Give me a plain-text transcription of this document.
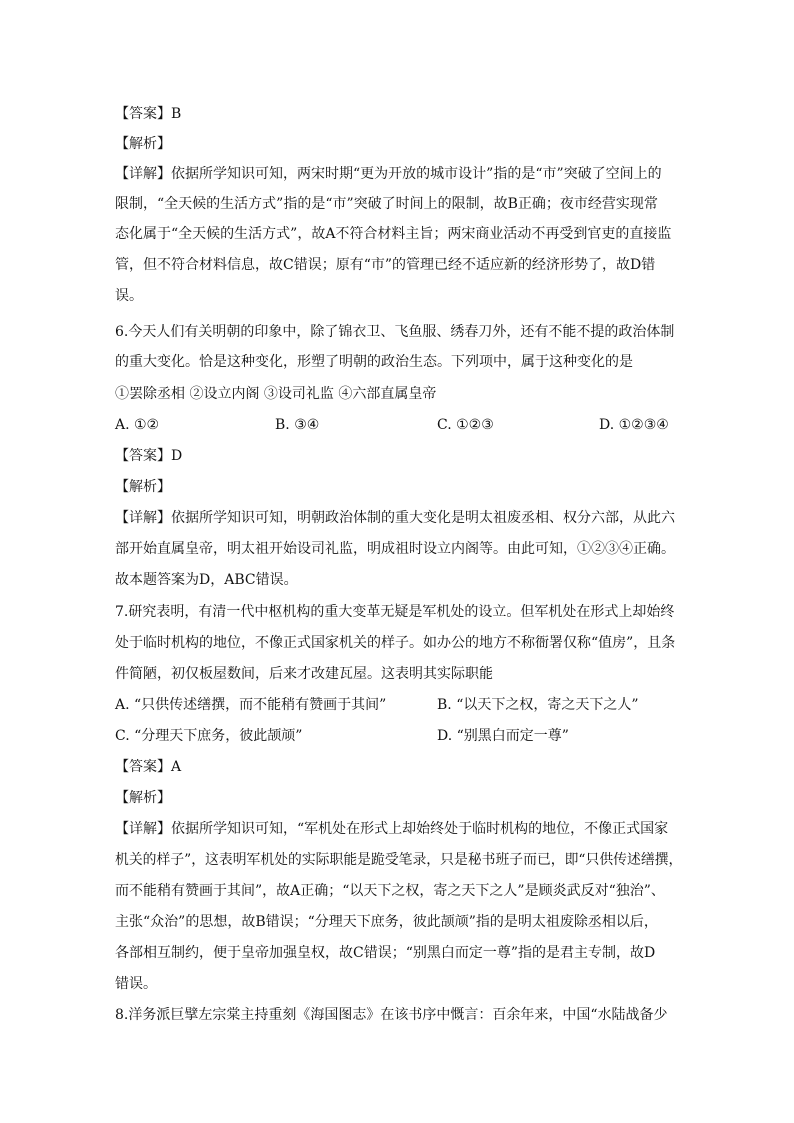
【答案】B
【解析】
【详解】依据所学知识可知，两宋时期“更为开放的城市设计”指的是“市”突破了空间上的
限制，“全天候的生活方式”指的是“市”突破了时间上的限制，故B正确；夜市经营实现常
态化属于“全天候的生活方式”，故A不符合材料主旨；两宋商业活动不再受到官吏的直接监
管，但不符合材料信息，故C错误；原有“市”的管理已经不适应新的经济形势了，故D错
误。
6.今天人们有关明朝的印象中，除了锦衣卫、飞鱼服、绣春刀外，还有不能不提的政治体制
的重大变化。恰是这种变化，形塑了明朝的政治生态。下列项中，属于这种变化的是
①罢除丞相 ②设立内阁 ③设司礼监 ④六部直属皇帝
A. ①②	B. ③④	C. ①②③	D. ①②③④
【答案】D
【解析】
【详解】依据所学知识可知，明朝政治体制的重大变化是明太祖废丞相、权分六部，从此六
部开始直属皇帝，明太祖开始设司礼监，明成祖时设立内阁等。由此可知，①②③④正确。
故本题答案为D，ABC错误。
7.研究表明，有清一代中枢机构的重大变革无疑是军机处的设立。但军机处在形式上却始终
处于临时机构的地位，不像正式国家机关的样子。如办公的地方不称衙署仅称“值房”，且条
件简陋，初仅板屋数间，后来才改建瓦屋。这表明其实际职能
A. “只供传述缮撰，而不能稍有赞画于其间”	B. “以天下之权，寄之天下之人”
C. “分理天下庶务，彼此颉颃”	D. “别黑白而定一尊”
【答案】A
【解析】
【详解】依据所学知识可知，“军机处在形式上却始终处于临时机构的地位，不像正式国家
机关的样子”，这表明军机处的实际职能是跪受笔录，只是秘书班子而已，即“只供传述缮撰，
而不能稍有赞画于其间”，故A正确；“以天下之权，寄之天下之人”是顾炎武反对“独治”、
主张“众治”的思想，故B错误；“分理天下庶务，彼此颉颃”指的是明太祖废除丞相以后，
各部相互制约，便于皇帝加强皇权，故C错误；“别黑白而定一尊”指的是君主专制，故D
错误。
8.洋务派巨擘左宗棠主持重刻《海国图志》在该书序中慨言：百余年来，中国“水陆战备少
